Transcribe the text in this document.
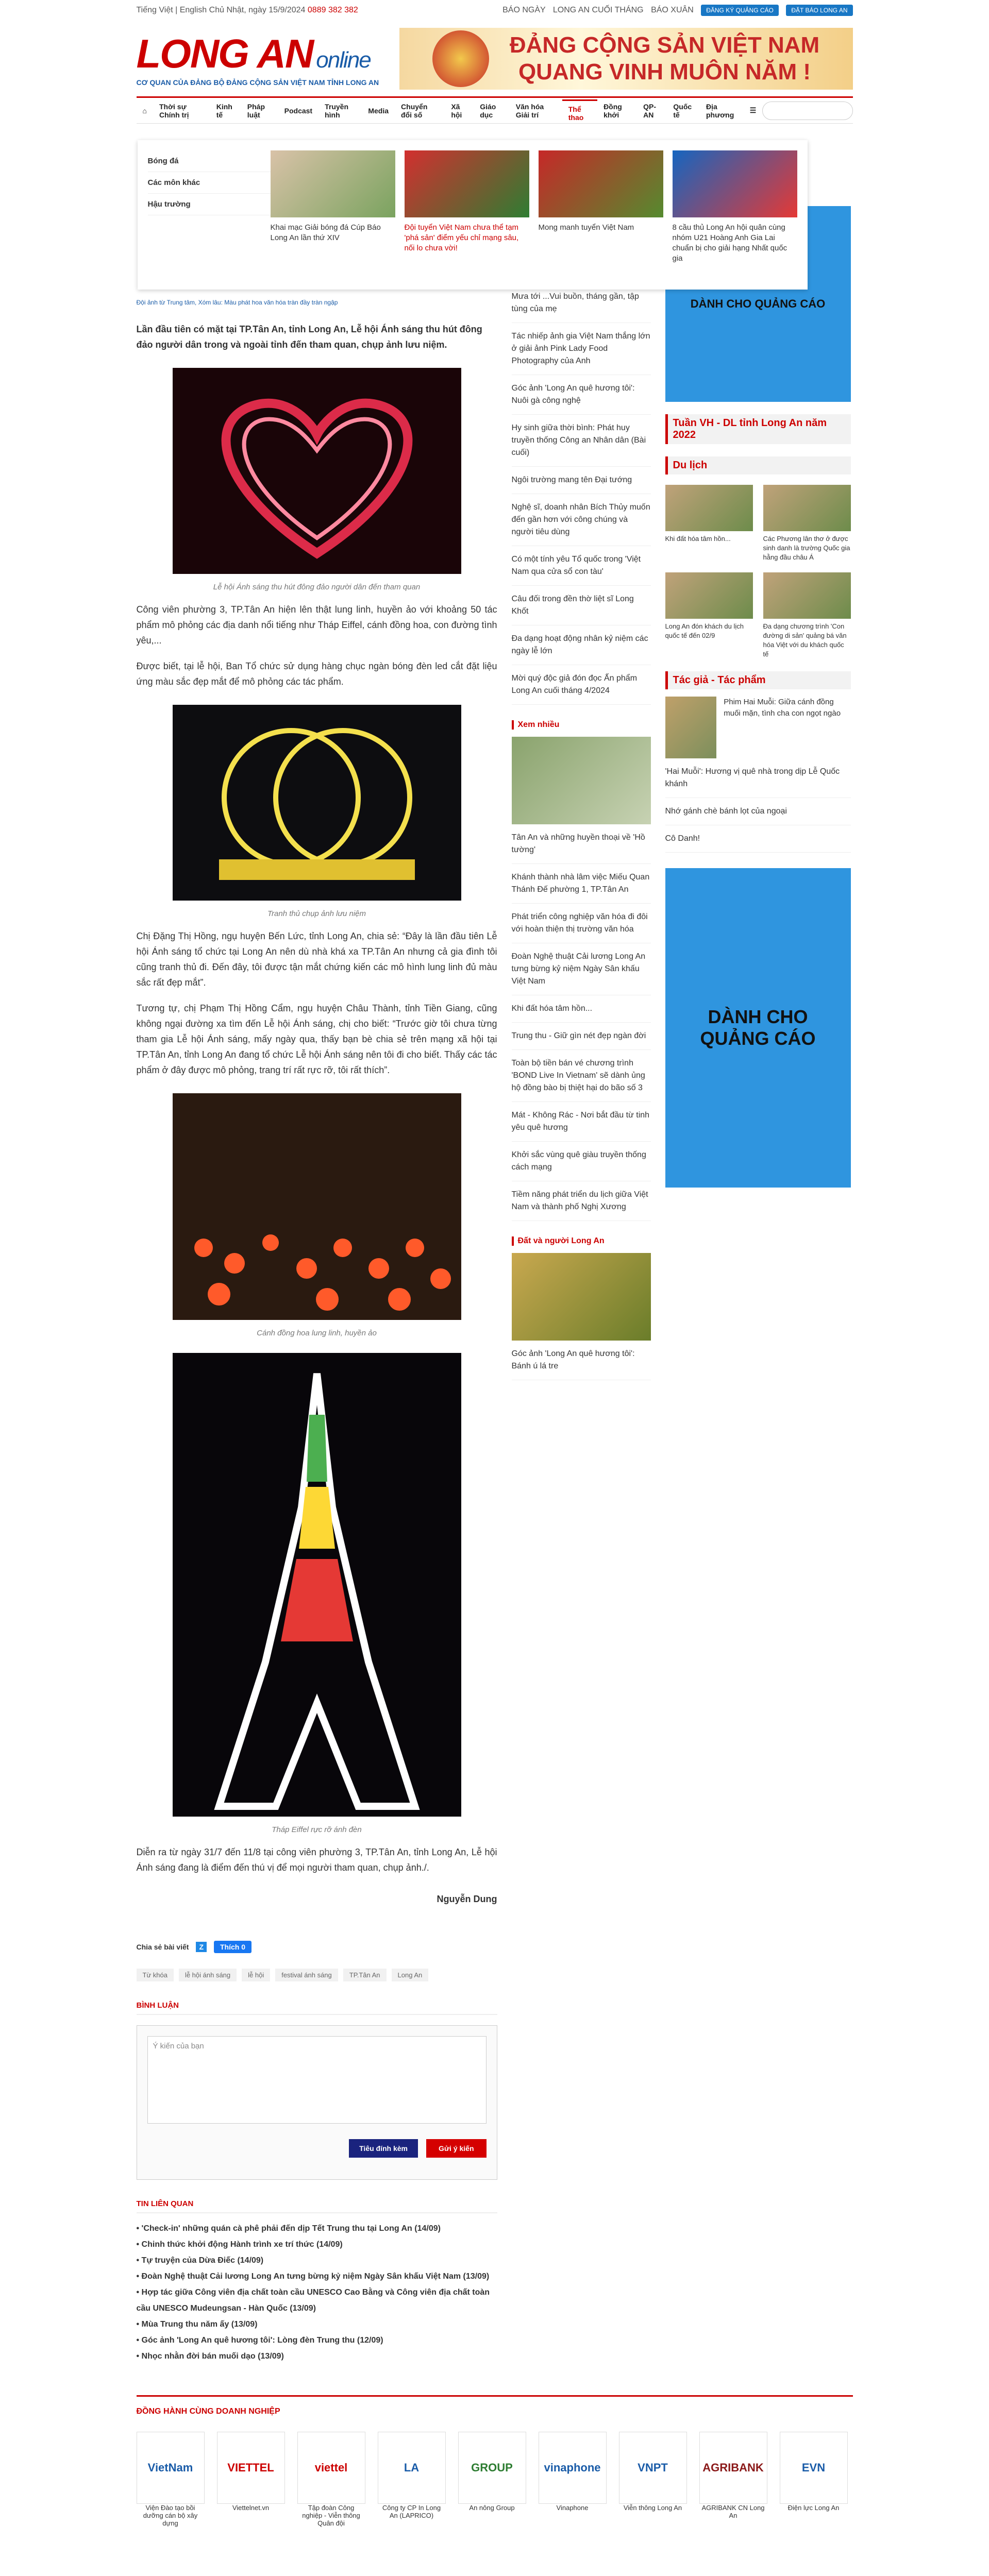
Tiếng Việt | English Chủ Nhật, ngày 15/9/2024 0889 382 382	BÁO NGÀY LONG AN CUỐI THÁNG BÁO XUÂN ĐĂNG KÝ QUẢNG CÁO	ĐẶT BÁO LONG AN
LONG AN online
CƠ QUAN CỦA ĐẢNG BỘ ĐẢNG CỘNG SẢN VIỆT NAM TỈNH LONG AN
ĐẢNG CỘNG SẢN VIỆT NAM
QUANG VINH MUÔN NĂM !
⌂	Thời sự Chính trị
Kinh tế
Pháp luật	Podcast	Truyền hình	Media	Chuyển đổi số
Xã hội
Giáo dục
Văn hóa Giải trí
Thể thao
Đồng khởi
QP-AN
Quốc tế
Địa phương
☰
Bóng đá
Các môn khác
Hậu trường
Khai mạc Giải bóng đá Cúp Báo Long An lần thứ XIV
Đội tuyển Việt Nam chưa thể tạm 'phá sản' điểm yếu chỉ mạng sâu, nối lo chưa vời!
Mong manh tuyển Việt Nam	8 cầu thủ Long An hội quân cùng nhóm U21 Hoàng Anh Gia Lai chuẩn bị cho giải hạng Nhất quốc gia
Đội ảnh từ Trung tâm, Xóm lâu: Màu phát hoa văn hóa tràn đầy tràn ngập
Lần đầu tiên có mặt tại TP.Tân An, tỉnh Long An, Lễ hội Ánh sáng thu hút đông đảo người dân trong và ngoài tỉnh đến tham quan, chụp ảnh lưu niệm.
Lễ hội Ánh sáng thu hút đông đảo người dân đến tham quan
Công viên phường 3, TP.Tân An hiện lên thật lung linh, huyền ảo với khoảng 50 tác phẩm mô phỏng các địa danh nổi tiếng như Tháp Eiffel, cánh đồng hoa, con đường tình yêu,...
Được biết, tại lễ hội, Ban Tổ chức sử dụng hàng chục ngàn bóng đèn led cắt đặt liệu ứng màu sắc đẹp mắt để mô phỏng các tác phẩm.
Tranh thủ chụp ảnh lưu niệm
Chị Đặng Thị Hồng, ngụ huyện Bến Lức, tỉnh Long An, chia sẻ: “Đây là lần đầu tiên Lễ hội Ánh sáng tổ chức tại Long An nên dù nhà khá xa TP.Tân An nhưng cả gia đình tôi cũng tranh thủ đi. Đến đây, tôi được tận mắt chứng kiến các mô hình lung linh đủ màu sắc rất đẹp mắt”.
Tương tự, chị Phạm Thị Hồng Cẩm, ngụ huyện Châu Thành, tỉnh Tiền Giang, cũng không ngại đường xa tìm đến Lễ hội Ánh sáng, chị cho biết: “Trước giờ tôi chưa từng tham gia Lễ hội Ánh sáng, mấy ngày qua, thấy bạn bè chia sẻ trên mạng xã hội tại TP.Tân An, tỉnh Long An đang tổ chức Lễ hội Ánh sáng nên tôi đi cho biết. Thấy các tác phẩm ở đây được mô phỏng, trang trí rất rực rỡ, tôi rất thích”.
Cánh đồng hoa lung linh, huyền ảo
Tháp Eiffel rực rỡ ánh đèn
Diễn ra từ ngày 31/7 đến 11/8 tại công viên phường 3, TP.Tân An, tỉnh Long An, Lễ hội Ánh sáng đang là điểm đến thú vị để mọi người tham quan, chụp ảnh./.
Nguyễn Dung
Chia sẻ bài viết	Z	Thích 0
Từ khóa	lễ hội ánh sáng	lễ hội	festival ánh sáng	TP.Tân An	Long An
BÌNH LUẬN
Ý kiến của bạn
Tiêu đính kèm	Gửi ý kiến
TIN LIÊN QUAN
• 'Check-in' những quán cà phê phải đến dịp Tết Trung thu tại Long An (14/09)
• Chinh thức khởi động Hành trình xe trí thức (14/09)
• Tự truyện của Dừa Điếc (14/09)
• Đoàn Nghệ thuật Cải lương Long An tưng bừng kỷ niệm Ngày Sân khấu Việt Nam (13/09)
• Hợp tác giữa Công viên địa chất toàn cầu UNESCO Cao Bằng và Công viên địa chất toàn cầu UNESCO Mudeungsan - Hàn Quốc (13/09)
• Mùa Trung thu năm ấy (13/09)
• Góc ảnh 'Long An quê hương tôi': Lòng đèn Trung thu (12/09)
• Nhọc nhằn đời bán muối dạo (13/09)
Mưa tới ...Vui buồn, tháng gần, tập tùng của mẹ
Tác nhiếp ảnh gia Việt Nam thắng lớn ở giải ảnh Pink Lady Food Photography của Anh
Góc ảnh 'Long An quê hương tôi': Nuôi gà công nghệ
Hy sinh giữa thời bình: Phát huy truyền thống Công an Nhân dân (Bài cuối)
Ngôi trường mang tên Đại tướng
Nghệ sĩ, doanh nhân Bích Thủy muốn đến gần hơn với công chúng và người tiêu dùng
Có một tính yêu Tổ quốc trong 'Việt Nam qua cửa sổ con tàu'
Câu đối trong đền thờ liệt sĩ Long Khốt
Đa dạng hoạt động nhân kỷ niệm các ngày lễ lớn
Mời quý độc giả đón đọc Ấn phẩm Long An cuối tháng 4/2024
Xem nhiều
Tân An và những huyền thoại về 'Hồ tường'
Khánh thành nhà lâm việc Miếu Quan Thánh Đế phường 1, TP.Tân An
Phát triển công nghiệp văn hóa đi đôi với hoàn thiện thị trường văn hóa
Đoàn Nghệ thuật Cải lương Long An tưng bừng kỷ niệm Ngày Sân khấu Việt Nam
Khi đất hóa tâm hồn...
Trung thu - Giữ gìn nét đẹp ngàn đời
Toàn bộ tiền bán vé chương trình 'BOND Live In Vietnam' sẽ dành ủng hộ đồng bào bị thiệt hại do bão số 3
Mát - Không Rác - Nơi bắt đầu từ tinh yêu quê hương
Khởi sắc vùng quê giàu truyền thống cách mạng
Tiềm năng phát triển du lịch giữa Việt Nam và thành phố Nghị Xương
Đất và người Long An
Góc ảnh 'Long An quê hương tôi': Bánh ú lá tre
DÀNH CHO QUẢNG CÁO
Tuần VH - DL tỉnh Long An năm 2022
Du lịch
Khi đất hóa tâm hồn...	Các Phương lân thơ ở được sinh danh là trường Quốc gia hằng đầu châu Á
Long An đón khách du lịch quốc tế đến 02/9
Đa dạng chương trình 'Con đường di sản' quảng bá văn hóa Việt với du khách quốc tế
Tác giả - Tác phẩm
Phim Hai Muỗi: Giữa cánh đồng muối mặn, tình cha con ngọt ngào
'Hai Muỗi': Hương vị quê nhà trong dịp Lễ Quốc khánh
Nhớ gánh chè bánh lọt của ngoại
Cô Danh!
DÀNH CHO QUẢNG CÁO
ĐỒNG HÀNH CÙNG DOANH NGHIỆP
VietNam
Viện Đào tạo bồi dưỡng cán bộ xây dựng
VIETTEL
Viettelnet.vn
viettel
Tập đoàn Công nghiệp - Viễn thông Quân đội
LA
Công ty CP In Long An (LAPRICO)
GROUP
An nông Group
vinaphone
Vinaphone
VNPT
Viễn thông Long An
AGRIBANK
AGRIBANK CN Long An
EVN
Điện lực Long An
